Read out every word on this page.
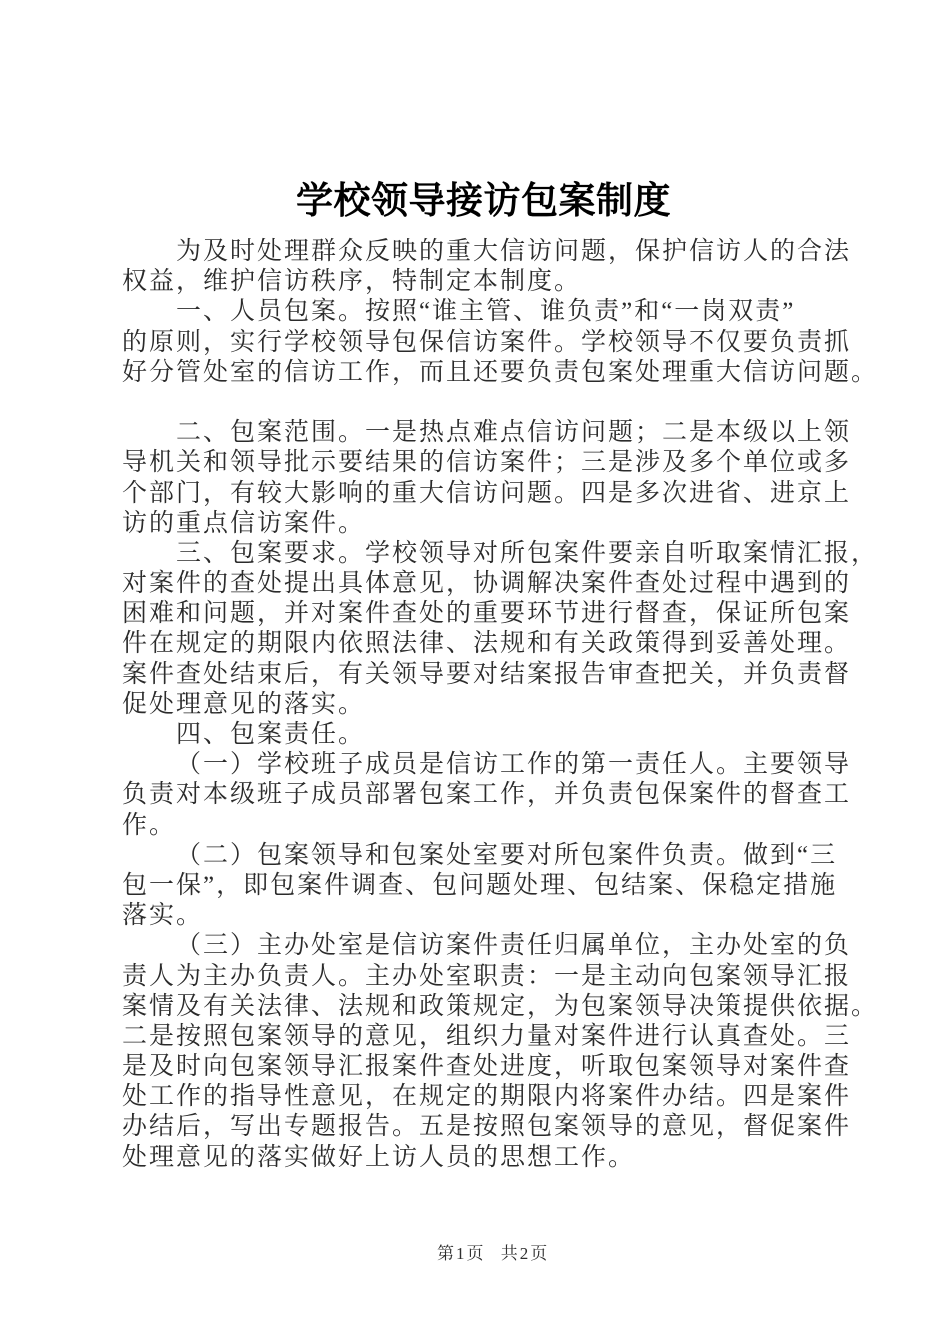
学校领导接访包案制度
为及时处理群众反映的重大信访问题，保护信访人的合法
权益，维护信访秩序，特制定本制度。
一、人员包案。按照“谁主管、谁负责”和“一岗双责”
的原则，实行学校领导包保信访案件。学校领导不仅要负责抓
好分管处室的信访工作，而且还要负责包案处理重大信访问题。
二、包案范围。一是热点难点信访问题；二是本级以上领
导机关和领导批示要结果的信访案件；三是涉及多个单位或多
个部门，有较大影响的重大信访问题。四是多次进省、进京上
访的重点信访案件。
三、包案要求。学校领导对所包案件要亲自听取案情汇报，
对案件的查处提出具体意见，协调解决案件查处过程中遇到的
困难和问题，并对案件查处的重要环节进行督查，保证所包案
件在规定的期限内依照法律、法规和有关政策得到妥善处理。
案件查处结束后，有关领导要对结案报告审查把关，并负责督
促处理意见的落实。
四、包案责任。
（一）学校班子成员是信访工作的第一责任人。主要领导
负责对本级班子成员部署包案工作，并负责包保案件的督查工
作。
（二）包案领导和包案处室要对所包案件负责。做到“三
包一保”，即包案件调查、包问题处理、包结案、保稳定措施
落实。
（三）主办处室是信访案件责任归属单位，主办处室的负
责人为主办负责人。主办处室职责：一是主动向包案领导汇报
案情及有关法律、法规和政策规定，为包案领导决策提供依据。
二是按照包案领导的意见，组织力量对案件进行认真查处。三
是及时向包案领导汇报案件查处进度，听取包案领导对案件查
处工作的指导性意见，在规定的期限内将案件办结。四是案件
办结后，写出专题报告。五是按照包案领导的意见，督促案件
处理意见的落实做好上访人员的思想工作。
第1页 共2页
